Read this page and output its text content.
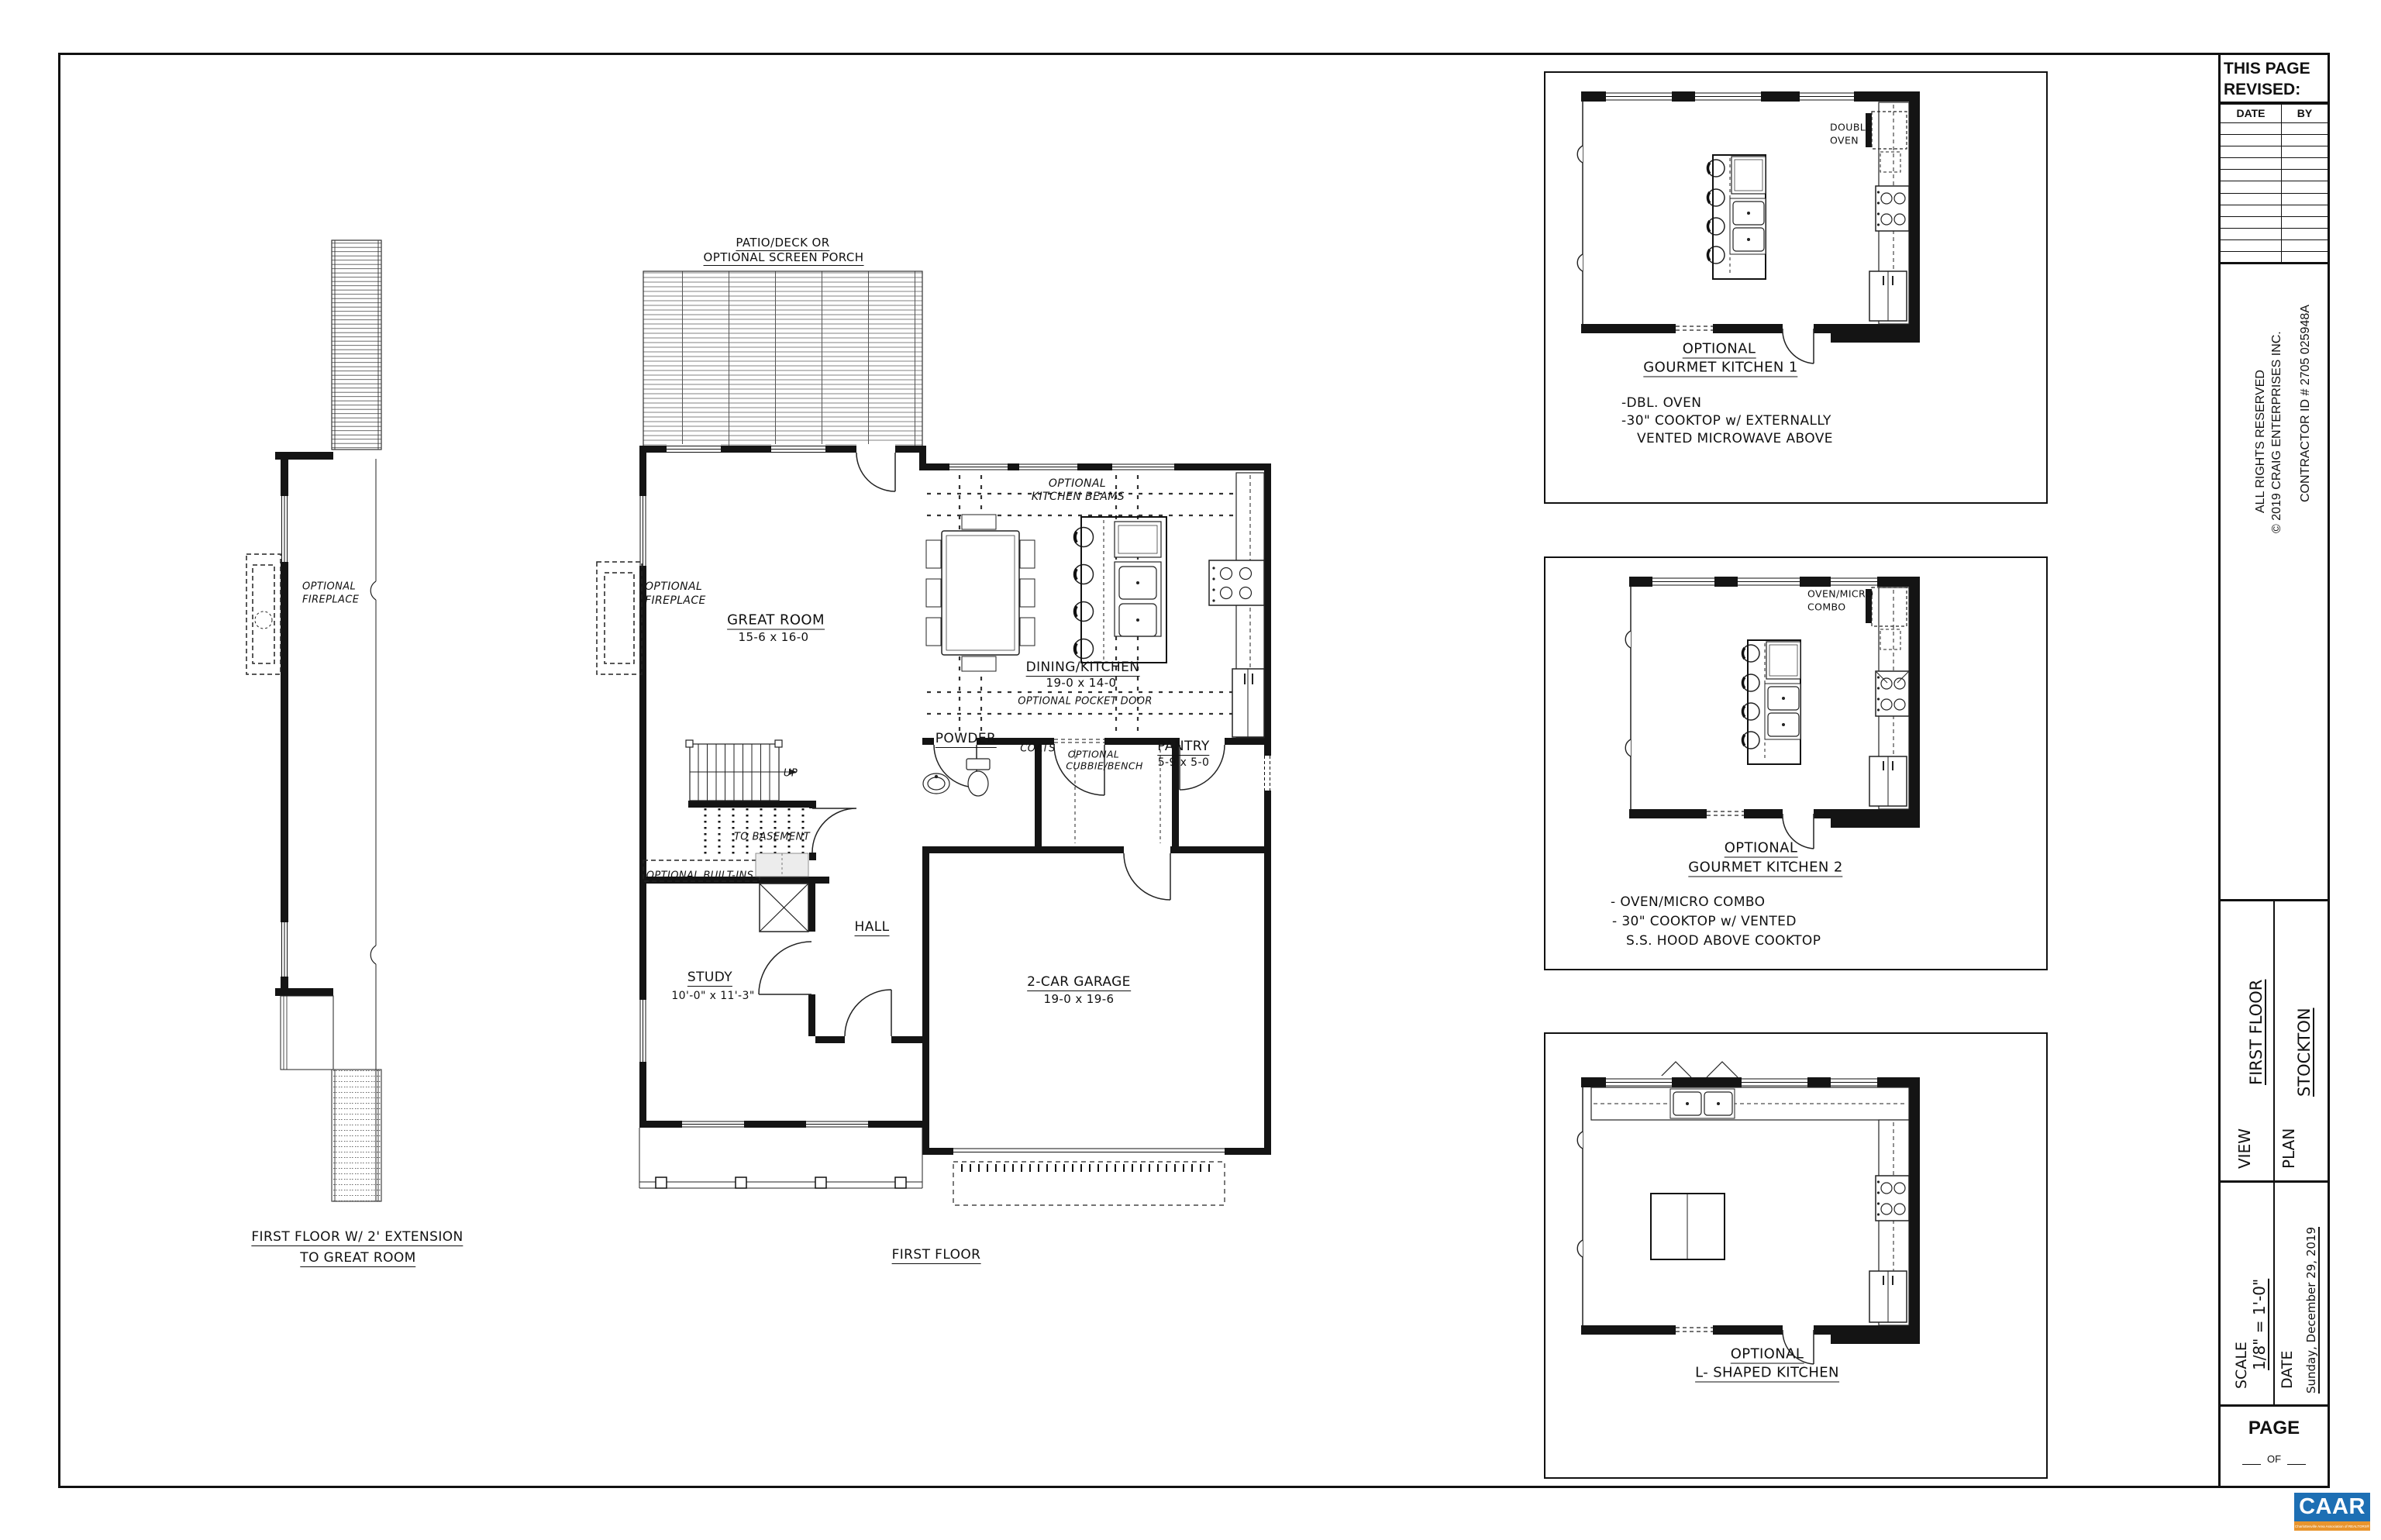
PATIO/DECK OR
OPTIONAL SCREEN PORCH
OPTIONAL
FIREPLACE
GREAT ROOM
15-6 x 16-0
OPTIONAL
KITCHEN BEAMS
DINING/KITCHEN
19-0 x 14-0
OPTIONAL POCKET DOOR
POWDER
COATS OPTIONAL
CUBBIE/BENCH
PANTRY
5-9 x 5-0
UP
TO BASEMENT
OPTIONAL BUILT-INS
HALL
STUDY
10'-0" x 11'-3"
2-CAR GARAGE
19-0 x 19-6
FIRST FLOOR
OPTIONAL
FIREPLACE
FIRST FLOOR W/ 2' EXTENSION
TO GREAT ROOM
DOUBLE
OVEN
OPTIONAL
GOURMET KITCHEN 1
-DBL. OVEN
-30" COOKTOP w/ EXTERNALLY
VENTED MICROWAVE ABOVE
OVEN/MICRO
COMBO
OPTIONAL
GOURMET KITCHEN 2
- OVEN/MICRO COMBO
- 30" COOKTOP w/ VENTED
S.S. HOOD ABOVE COOKTOP
OPTIONAL
L- SHAPED KITCHEN
THIS PAGE
REVISED:
DATE	BY
PAGE
OF
ALL RIGHTS RESERVED © 2019 CRAIG ENTERPRISES INC. CONTRACTOR ID # 2705 025948A
VIEW
FIRST FLOOR
PLAN
STOCKTON
SCALE 1/8" = 1'-0" DATE Sunday, December 29, 2019
CAAR
Charlottesville Area Association of REALTORS®
